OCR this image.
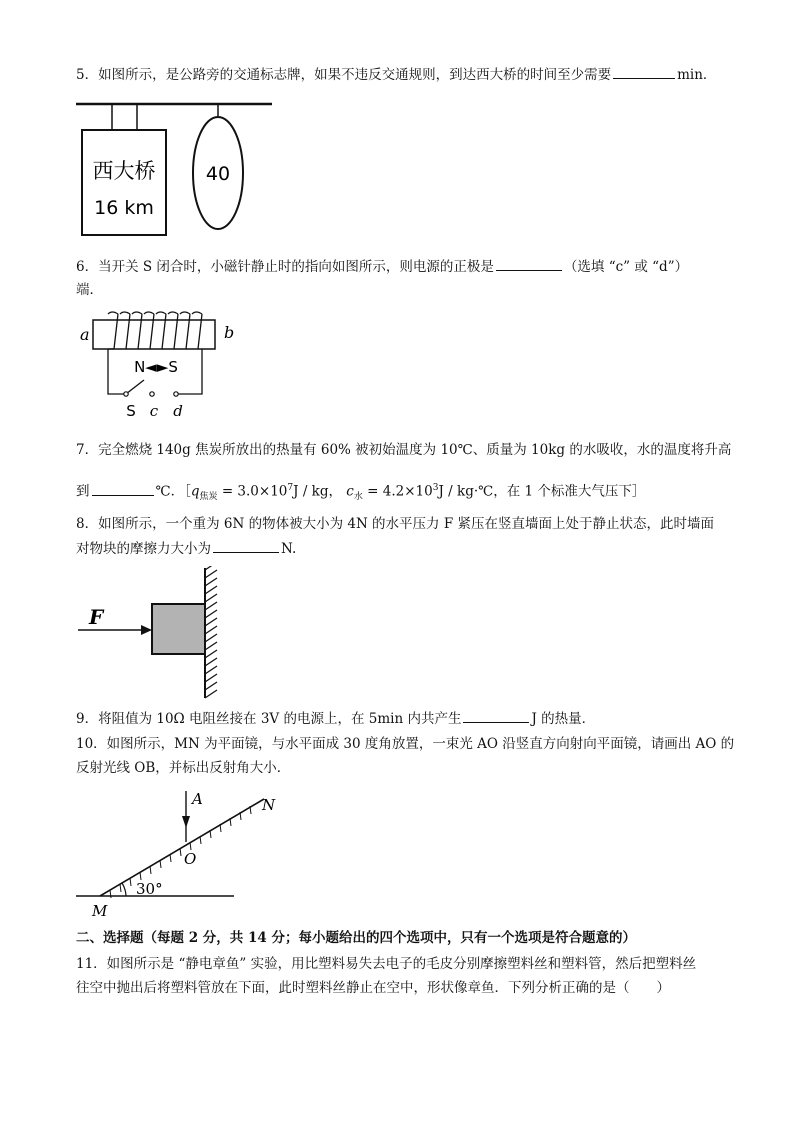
5．如图所示，是公路旁的交通标志牌，如果不违反交通规则，到达西大桥的时间至少需要	min．
西大桥
16 km
40
6．当开关 S 闭合时，小磁针静止时的指向如图所示，则电源的正极是	（选填 “c” 或 “d”）
端．
a	b
N◄►S
S c d
7．完全燃烧 140g 焦炭所放出的热量有 60% 被初始温度为 10℃、质量为 10kg 的水吸收，水的温度将升高
到	℃．$[q_{焦炭} = 3.0\times 10^7J$ / kg， $c_水 = 4.2\times 10^3J$ / kg·℃，在 1 个标准大气压下］
8．如图所示，一个重为 6N 的物体被大小为 4N 的水平压力 F 紧压在竖直墙面上处于静止状态，此时墙面
对物块的摩擦力大小为	N.
F
9．将阻值为 10Ω 电阻丝接在 3V 的电源上，在 5min 内共产生	J 的热量．
10．如图所示，MN 为平面镜，与水平面成 30 度角放置，一束光 AO 沿竖直方向射向平面镜，请画出 AO 的
反射光线 OB，并标出反射角大小．
A	N
O
M
30°
二、选择题（每题 2 分，共 14 分；每小题给出的四个选项中，只有一个选项是符合题意的）
11．如图所示是 “静电章鱼” 实验，用比塑料易失去电子的毛皮分别摩擦塑料丝和塑料管，然后把塑料丝
往空中抛出后将塑料管放在下面，此时塑料丝静止在空中，形状像章鱼．下列分析正确的是（　　）
